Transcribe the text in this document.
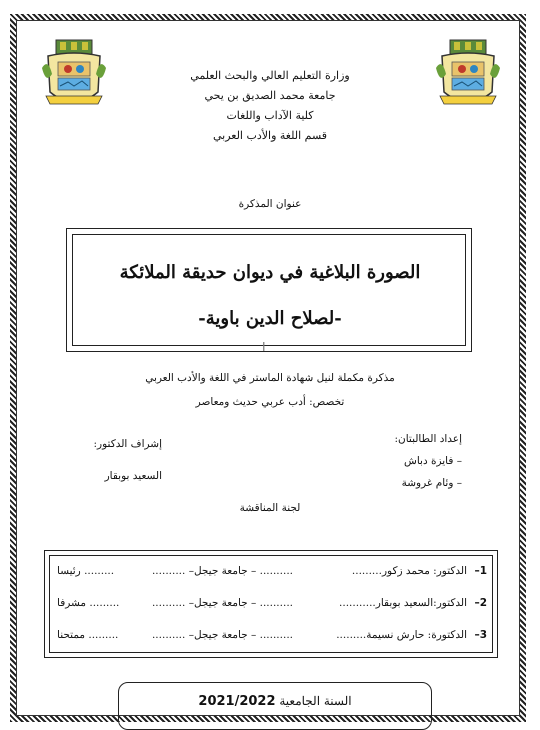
وزارة التعليم العالي والبحث العلمي
جامعة محمد الصديق بن يحي
كلية الآداب واللغات
قسم اللغة والأدب العربي
عنوان المذكرة
الصورة البلاغية في ديوان حديقة الملائكة
-لصلاح الدين باوية-
I
مذكرة مكملة لنيل شهادة الماستر في اللغة والأدب العربي
تخصص: أدب عربي حديث ومعاصر
إعداد الطالبتان:
– فايزة دباش
– وئام غروشة
إشراف الدكتور:
السعيد بوبقار
لجنة المناقشة
1–
الدكتور: محمد زكور.........
.......... – جامعة جيجل– ..........
......... رئيسا
2–
الدكتور:السعيد بوبقار...........
.......... – جامعة جيجل– ..........
......... مشرفا
3–
الدكتورة: حارش نسيمة.........
.......... – جامعة جيجل– ..........
......... ممتحنا
السنة الجامعية 2021/2022
